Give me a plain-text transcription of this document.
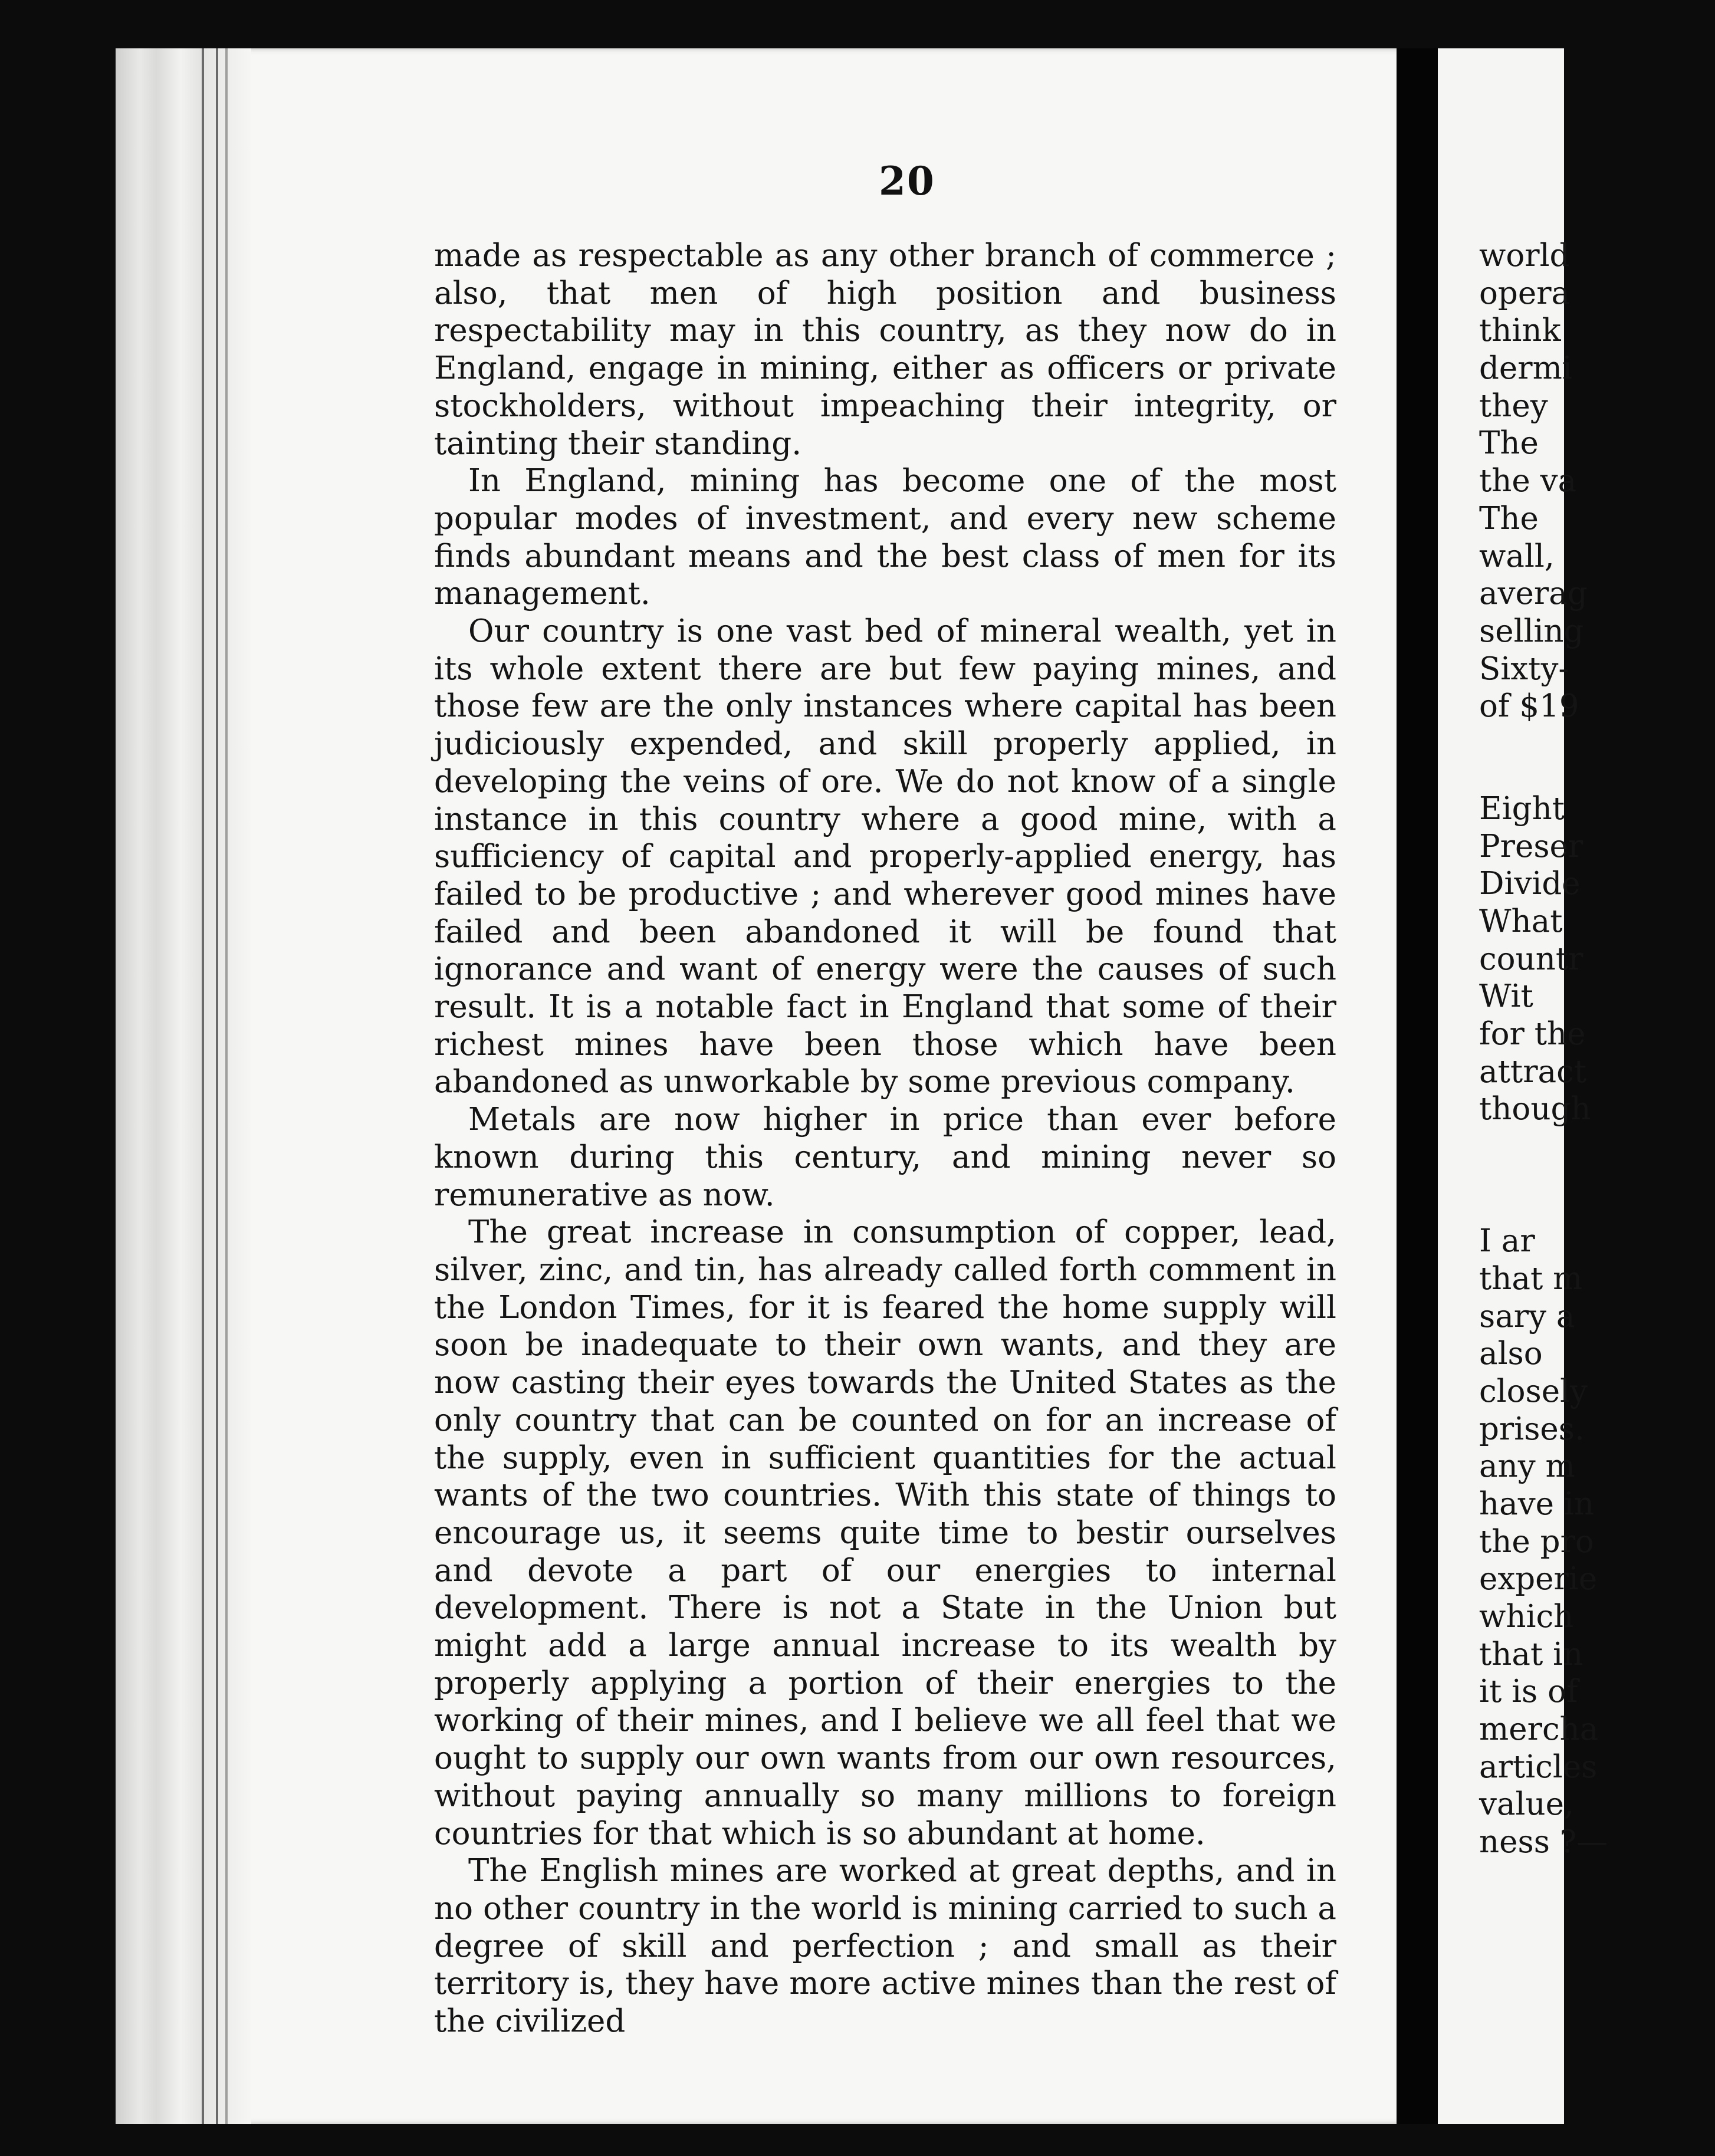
20

made as respectable as any other branch of commerce ; also, that men of high position and business respectability may in this country, as they now do in England, engage in mining, either as officers or private stockholders, without impeaching their integrity, or tainting their standing.

In England, mining has become one of the most popular modes of investment, and every new scheme finds abundant means and the best class of men for its management.

Our country is one vast bed of mineral wealth, yet in its whole extent there are but few paying mines, and those few are the only instances where capital has been judiciously expended, and skill properly applied, in developing the veins of ore. We do not know of a single instance in this country where a good mine, with a sufficiency of capital and properly-applied energy, has failed to be productive ; and wherever good mines have failed and been abandoned it will be found that ignorance and want of energy were the causes of such result. It is a notable fact in England that some of their richest mines have been those which have been abandoned as unworkable by some previous company.

Metals are now higher in price than ever before known during this century, and mining never so remunerative as now.

The great increase in consumption of copper, lead, silver, zinc, and tin, has already called forth comment in the London Times, for it is feared the home supply will soon be inadequate to their own wants, and they are now casting their eyes towards the United States as the only country that can be counted on for an increase of the supply, even in sufficient quantities for the actual wants of the two countries. With this state of things to encourage us, it seems quite time to bestir ourselves and devote a part of our energies to internal development. There is not a State in the Union but might add a large annual increase to its wealth by properly applying a portion of their energies to the working of their mines, and I believe we all feel that we ought to supply our own wants from our own resources, without paying annually so many millions to foreign countries for that which is so abundant at home.

The English mines are worked at great depths, and in no other country in the world is mining carried to such a degree of skill and perfection ; and small as their territory is, they have more active mines than the rest of the civilized

world
opera
think
dermi
they
The
the va
The
wall,
averag
selling
Sixty-
of $19
Eight
Preser
Divide
What
countr
Wit
for the
attract
though
I ar
that m
sary a
also
closely
prises.
any m
have in
the pro
experie
which
that in
it is of
mercha
articles
value,
ness ?—
